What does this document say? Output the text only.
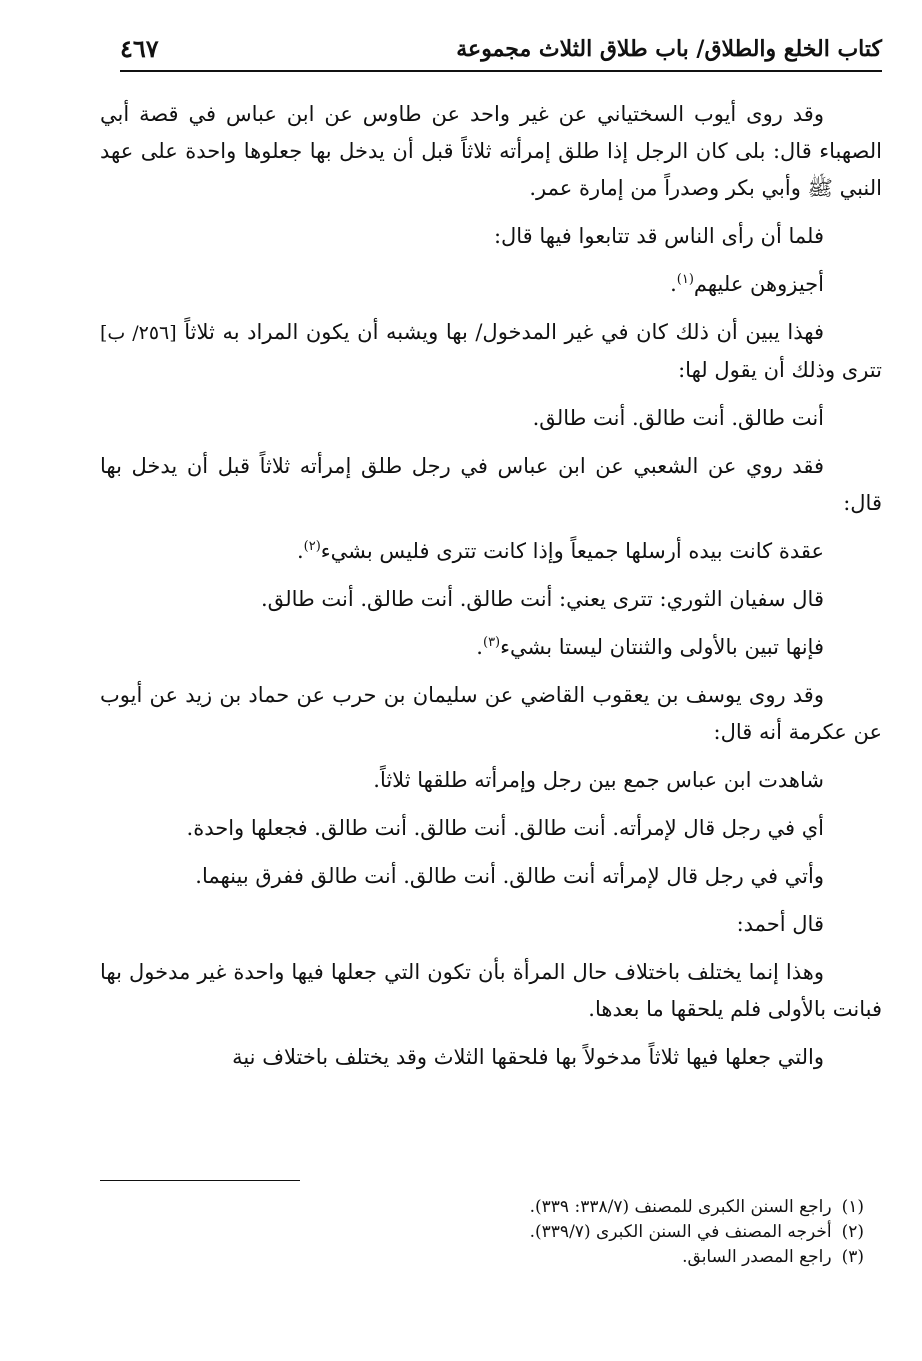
كتاب الخلع والطلاق/ باب طلاق الثلاث مجموعة
٤٦٧

وقد روى أيوب السختياني عن غير واحد عن طاوس عن ابن عباس في قصة أبي الصهباء قال: بلى كان الرجل إذا طلق إمرأته ثلاثاً قبل أن يدخل بها جعلوها واحدة على عهد النبي ﷺ وأبي بكر وصدراً من إمارة عمر.

فلما أن رأى الناس قد تتابعوا فيها قال:

أجيزوهن عليهم$^{(١)}$.

فهذا يبين أن ذلك كان في غير المدخول/ بها ويشبه أن يكون المراد به ثلاثاً [٢٥٦/ ب] تترى وذلك أن يقول لها:

أنت طالق. أنت طالق. أنت طالق.

فقد روي عن الشعبي عن ابن عباس في رجل طلق إمرأته ثلاثاً قبل أن يدخل بها قال:

عقدة كانت بيده أرسلها جميعاً وإذا كانت تترى فليس بشيء$^{(٢)}$.

قال سفيان الثوري: تترى يعني: أنت طالق. أنت طالق. أنت طالق.

فإنها تبين بالأولى والثنتان ليستا بشيء$^{(٣)}$.

وقد روى يوسف بن يعقوب القاضي عن سليمان بن حرب عن حماد بن زيد عن أيوب عن عكرمة أنه قال:

شاهدت ابن عباس جمع بين رجل وإمرأته طلقها ثلاثاً.

أي في رجل قال لإمرأته. أنت طالق. أنت طالق. أنت طالق. فجعلها واحدة.

وأتي في رجل قال لإمرأته أنت طالق. أنت طالق. أنت طالق ففرق بينهما.

قال أحمد:

وهذا إنما يختلف باختلاف حال المرأة بأن تكون التي جعلها فيها واحدة غير مدخول بها فبانت بالأولى فلم يلحقها ما بعدها.

والتي جعلها فيها ثلاثاً مدخولاً بها فلحقها الثلاث وقد يختلف باختلاف نية

(١)
راجع السنن الكبرى للمصنف (٣٣٨/٧: ٣٣٩).

(٢)
أخرجه المصنف في السنن الكبرى (٣٣٩/٧).

(٣)
راجع المصدر السابق.
